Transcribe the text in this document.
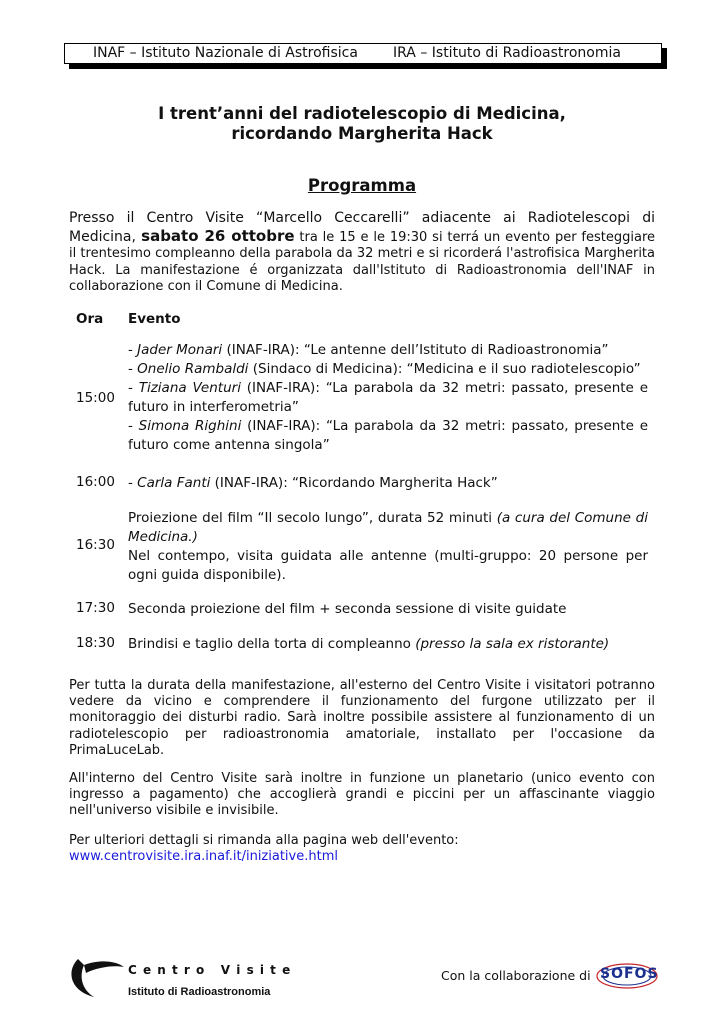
INAF – Istituto Nazionale di Astrofisica	IRA – Istituto di Radioastronomia
I trent’anni del radiotelescopio di Medicina,
ricordando Margherita Hack
Programma
Presso il Centro Visite “Marcello Ceccarelli” adiacente ai Radiotelescopi di Medicina, sabato 26 ottobre tra le 15 e le 19:30 si terrá un evento per festeggiare il trentesimo compleanno della parabola da 32 metri e si ricorderá l'astrofisica Margherita Hack. La manifestazione é organizzata dall'Istituto di Radioastronomia dell'INAF in collaborazione con il Comune di Medicina.
Ora Evento
15:00
- Jader Monari (INAF-IRA): “Le antenne dell’Istituto di Radioastronomia”
- Onelio Rambaldi (Sindaco di Medicina): “Medicina e il suo radiotelescopio”
- Tiziana Venturi (INAF-IRA): “La parabola da 32 metri: passato, presente e futuro in interferometria”
- Simona Righini (INAF-IRA): “La parabola da 32 metri: passato, presente e futuro come antenna singola”
16:00 - Carla Fanti (INAF-IRA): “Ricordando Margherita Hack”
16:30
Proiezione del film “Il secolo lungo”, durata 52 minuti (a cura del Comune di Medicina.)
Nel contempo, visita guidata alle antenne (multi-gruppo: 20 persone per ogni guida disponibile).
17:30 Seconda proiezione del film + seconda sessione di visite guidate
18:30 Brindisi e taglio della torta di compleanno (presso la sala ex ristorante)
Per tutta la durata della manifestazione, all'esterno del Centro Visite i visitatori potranno vedere da vicino e comprendere il funzionamento del furgone utilizzato per il monitoraggio dei disturbi radio. Sarà inoltre possibile assistere al funzionamento di un radiotelescopio per radioastronomia amatoriale, installato per l'occasione da PrimaLuceLab.
All'interno del Centro Visite sarà inoltre in funzione un planetario (unico evento con ingresso a pagamento) che accoglierà grandi e piccini per un affascinante viaggio nell'universo visibile e invisibile.
Per ulteriori dettagli si rimanda alla pagina web dell'evento:
www.centrovisite.ira.inaf.it/iniziative.html
C e n t r o   V i s i t e
Istituto di Radioastronomia
Con la collaborazione di SOFOS
